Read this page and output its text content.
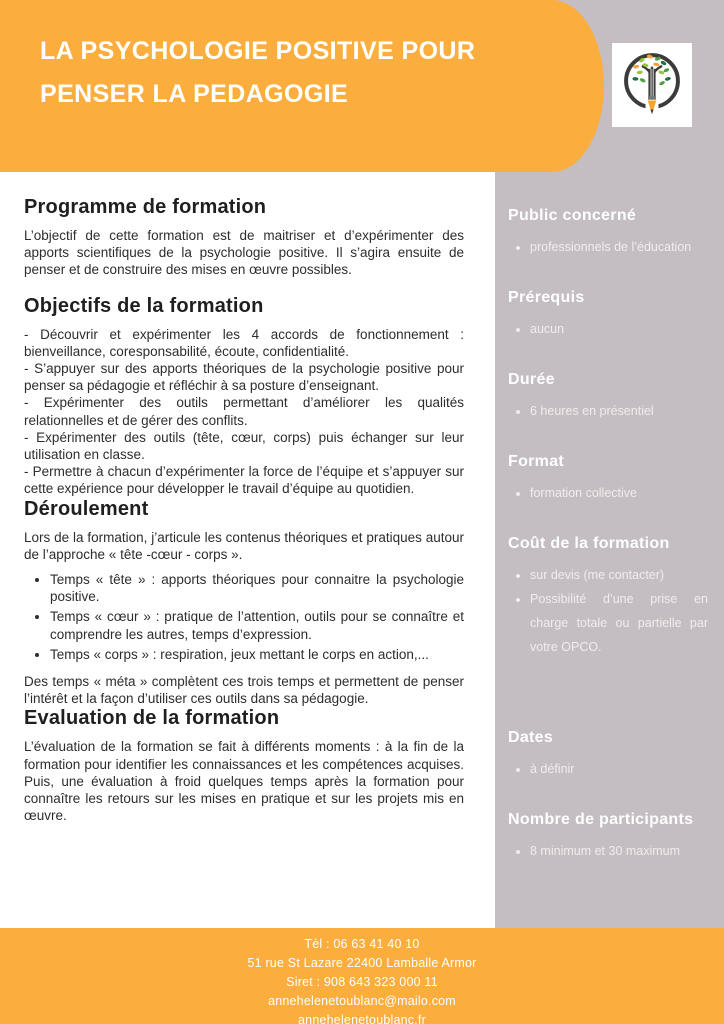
LA PSYCHOLOGIE POSITIVE POUR
PENSER LA PEDAGOGIE
Programme de formation

L’objectif de cette formation est de maitriser et d’expérimenter des apports scientifiques de la psychologie positive. Il s’agira ensuite de penser et de construire des mises en œuvre possibles.

Objectifs de la formation
- Découvrir et expérimenter les 4 accords de fonctionnement : bienveillance, coresponsabilité, écoute, confidentialité.
- S’appuyer sur des apports théoriques de la psychologie positive pour penser sa pédagogie et réfléchir à sa posture d’enseignant.
- Expérimenter des outils permettant d’améliorer les qualités relationnelles et de gérer des conflits.
- Expérimenter des outils (tête, cœur, corps) puis échanger sur leur utilisation en classe.
- Permettre à chacun d’expérimenter la force de l’équipe et s’appuyer sur cette expérience pour développer le travail d’équipe au quotidien.
Déroulement

Lors de la formation, j’articule les contenus théoriques et pratiques autour de l’approche « tête -cœur - corps ».

• Temps « tête » : apports théoriques pour connaitre la psychologie positive.
• Temps « cœur » : pratique de l’attention, outils pour se connaître et comprendre les autres, temps d’expression.
• Temps « corps » : respiration, jeux mettant le corps en action,...

Des temps « méta » complètent ces trois temps et permettent de penser l’intérêt et la façon d’utiliser ces outils dans sa pédagogie.

Evaluation de la formation

L’évaluation de la formation se fait à différents moments : à la fin de la formation pour identifier les connaissances et les compétences acquises. Puis, une évaluation à froid quelques temps après la formation pour connaître les retours sur les mises en pratique et sur les projets mis en œuvre.

Public concerné
• professionnels de l’éducation
Prérequis
• aucun
Durée
• 6 heures en présentiel
Format
• formation collective
Coût de la formation
• sur devis (me contacter)
• Possibilité d’une prise en charge totale ou partielle par votre OPCO.
Dates
• à définir
Nombre de participants
• 8 minimum et 30 maximum
Tèl : 06 63 41 40 10
51 rue St Lazare 22400 Lamballe Armor
Siret : 908 643 323 000 11
annehelenetoublanc@mailo.com
annehelenetoublanc.fr
